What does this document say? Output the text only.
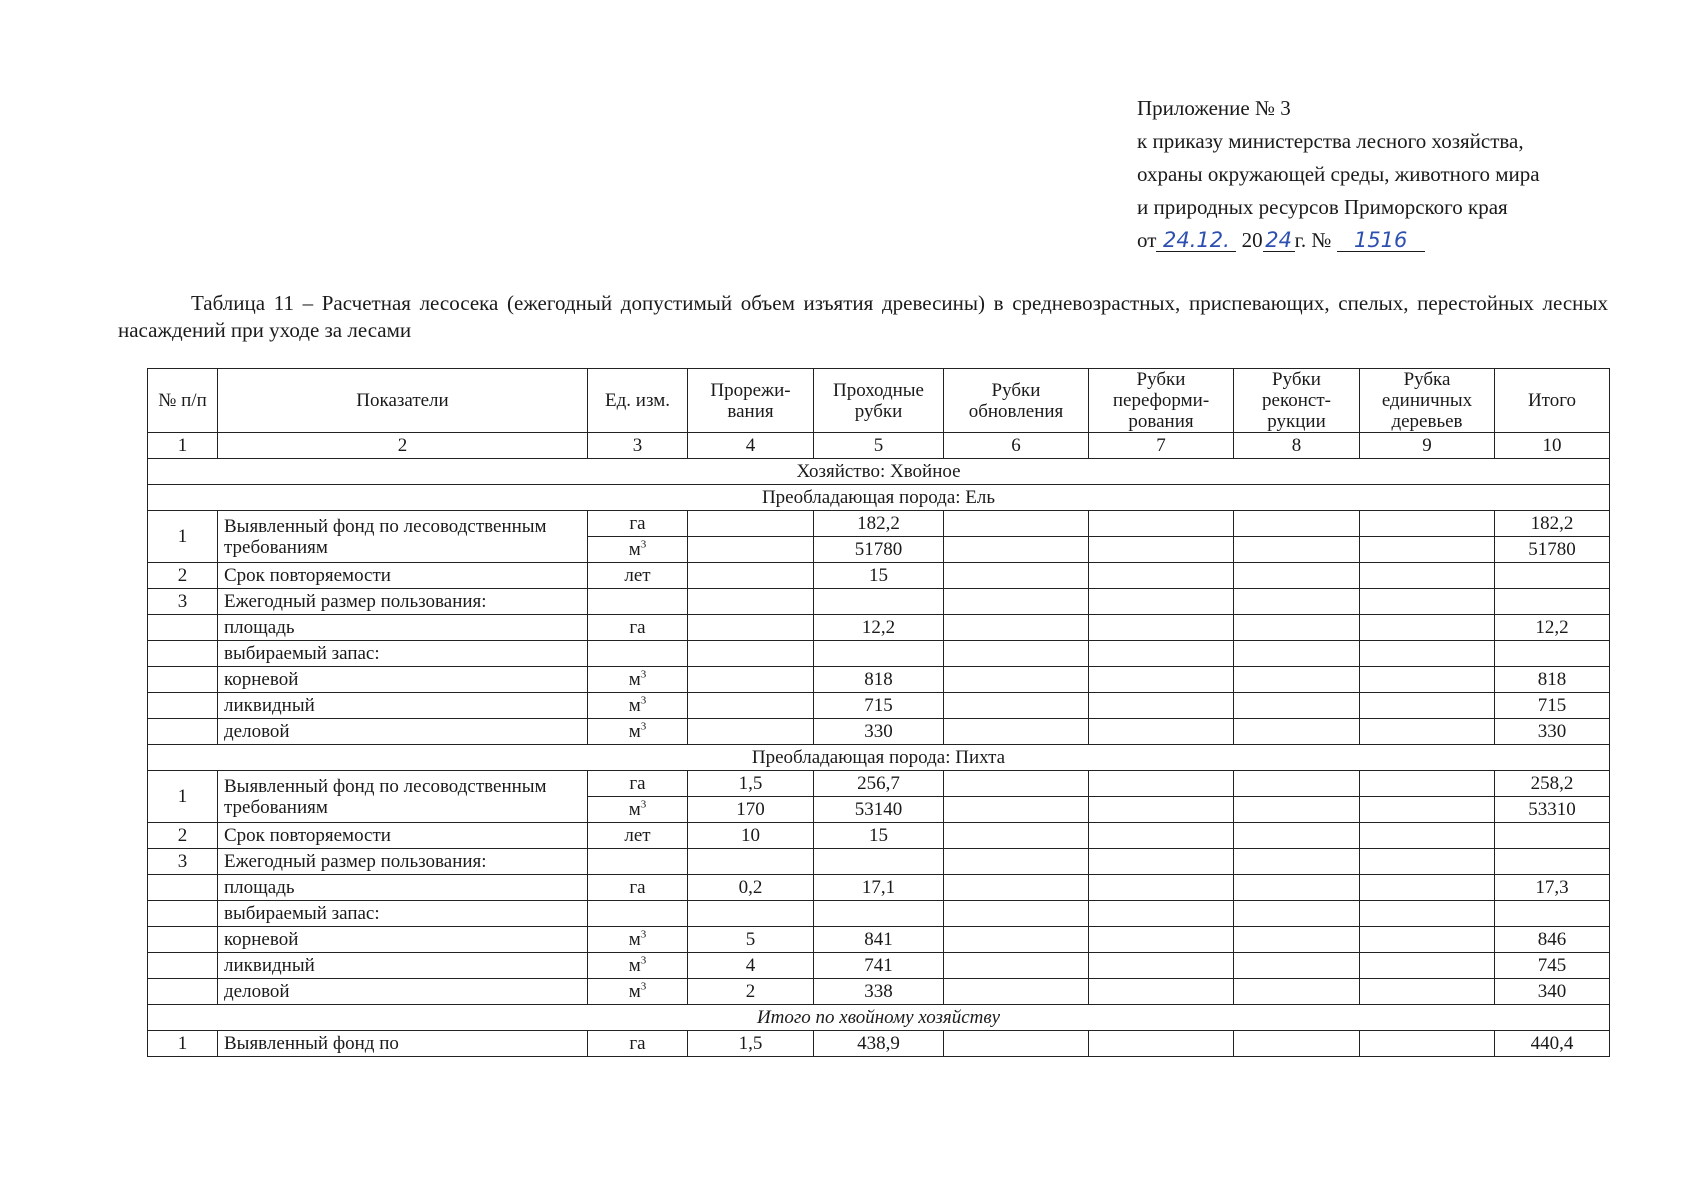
Приложение № 3
к приказу министерства лесного хозяйства,
охраны окружающей среды, животного мира
и природных ресурсов Приморского края
от 24.12. 20 24 г. № 1516
Таблица 11 – Расчетная лесосека (ежегодный допустимый объем изъятия древесины) в средневозрастных, приспевающих, спелых, перестойных лесных насаждений при уходе за лесами
№ п/п	Показатели	Ед. изм.	Прорежи-вания	Проходные рубки	Рубки обновления	Рубки переформи-рования	Рубки реконст-рукции	Рубка единичных деревьев	Итого
1	2	3	4	5	6	7	8	9	10
Хозяйство: Хвойное									
Преобладающая порода: Ель									
1	Выявленный фонд по лесоводственным требованиям	га		182,2					182,2
		$м^3$		51780					51780
2	Срок повторяемости	лет		15					
3	Ежегодный размер пользования:								
	площадь	га		12,2					12,2
	выбираемый запас:								
	корневой	$м^3$		818					818
	ликвидный	$м^3$		715					715
	деловой	$м^3$		330					330
Преобладающая порода: Пихта									
1	Выявленный фонд по лесоводственным требованиям	га	1,5	256,7					258,2
		$м^3$	170	53140					53310
2	Срок повторяемости	лет	10	15					
3	Ежегодный размер пользования:								
	площадь	га	0,2	17,1					17,3
	выбираемый запас:								
	корневой	$м^3$	5	841					846
	ликвидный	$м^3$	4	741					745
	деловой	$м^3$	2	338					340
Итого по хвойному хозяйству									
1	Выявленный фонд по	га	1,5	438,9					440,4
